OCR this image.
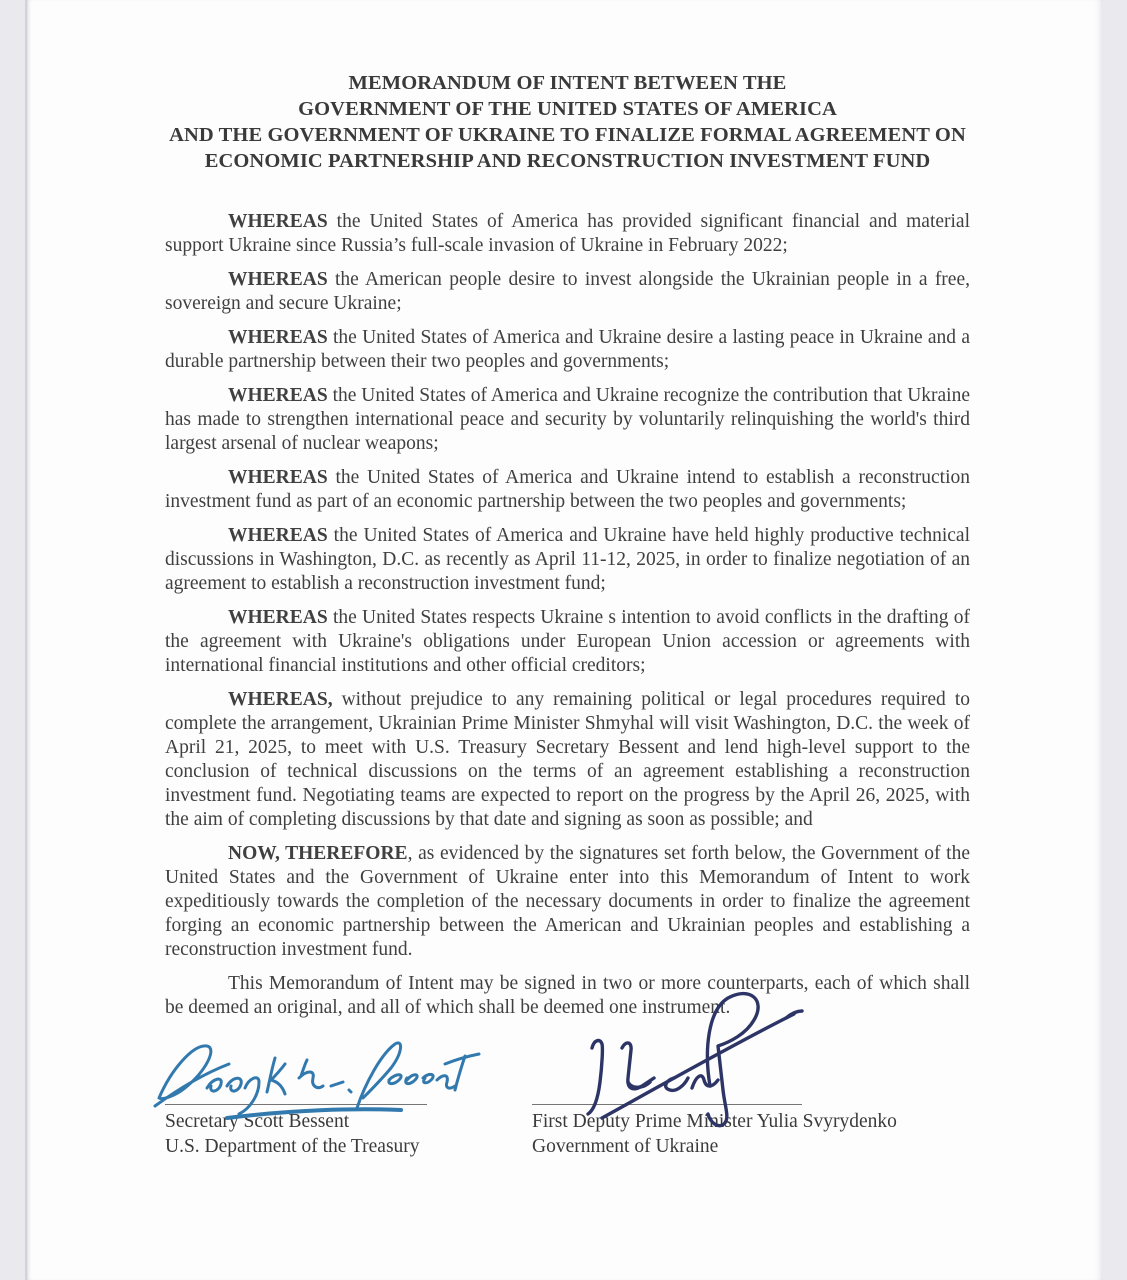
MEMORANDUM OF INTENT BETWEEN THE
GOVERNMENT OF THE UNITED STATES OF AMERICA
AND THE GOVERNMENT OF UKRAINE TO FINALIZE FORMAL AGREEMENT ON
ECONOMIC PARTNERSHIP AND RECONSTRUCTION INVESTMENT FUND

WHEREAS the United States of America has provided significant financial and material support Ukraine since Russia’s full-scale invasion of Ukraine in February 2022;

WHEREAS the American people desire to invest alongside the Ukrainian people in a free, sovereign and secure Ukraine;

WHEREAS the United States of America and Ukraine desire a lasting peace in Ukraine and a durable partnership between their two peoples and governments;

WHEREAS the United States of America and Ukraine recognize the contribution that Ukraine has made to strengthen international peace and security by voluntarily relinquishing the world's third largest arsenal of nuclear weapons;

WHEREAS the United States of America and Ukraine intend to establish a reconstruction investment fund as part of an economic partnership between the two peoples and governments;

WHEREAS the United States of America and Ukraine have held highly productive technical discussions in Washington, D.C. as recently as April 11-12, 2025, in order to finalize negotiation of an agreement to establish a reconstruction investment fund;

WHEREAS the United States respects Ukraine s intention to avoid conflicts in the drafting of the agreement with Ukraine's obligations under European Union accession or agreements with international financial institutions and other official creditors;

WHEREAS, without prejudice to any remaining political or legal procedures required to complete the arrangement, Ukrainian Prime Minister Shmyhal will visit Washington, D.C. the week of April 21, 2025, to meet with U.S. Treasury Secretary Bessent and lend high-level support to the conclusion of technical discussions on the terms of an agreement establishing a reconstruction investment fund. Negotiating teams are expected to report on the progress by the April 26, 2025, with the aim of completing discussions by that date and signing as soon as possible; and

NOW, THEREFORE, as evidenced by the signatures set forth below, the Government of the United States and the Government of Ukraine enter into this Memorandum of Intent to work expeditiously towards the completion of the necessary documents in order to finalize the agreement forging an economic partnership between the American and Ukrainian peoples and establishing a reconstruction investment fund.

This Memorandum of Intent may be signed in two or more counterparts, each of which shall be deemed an original, and all of which shall be deemed one instrument.

Secretary Scott Bessent
U.S. Department of the Treasury
First Deputy Prime Minister Yulia Svyrydenko
Government of Ukraine
